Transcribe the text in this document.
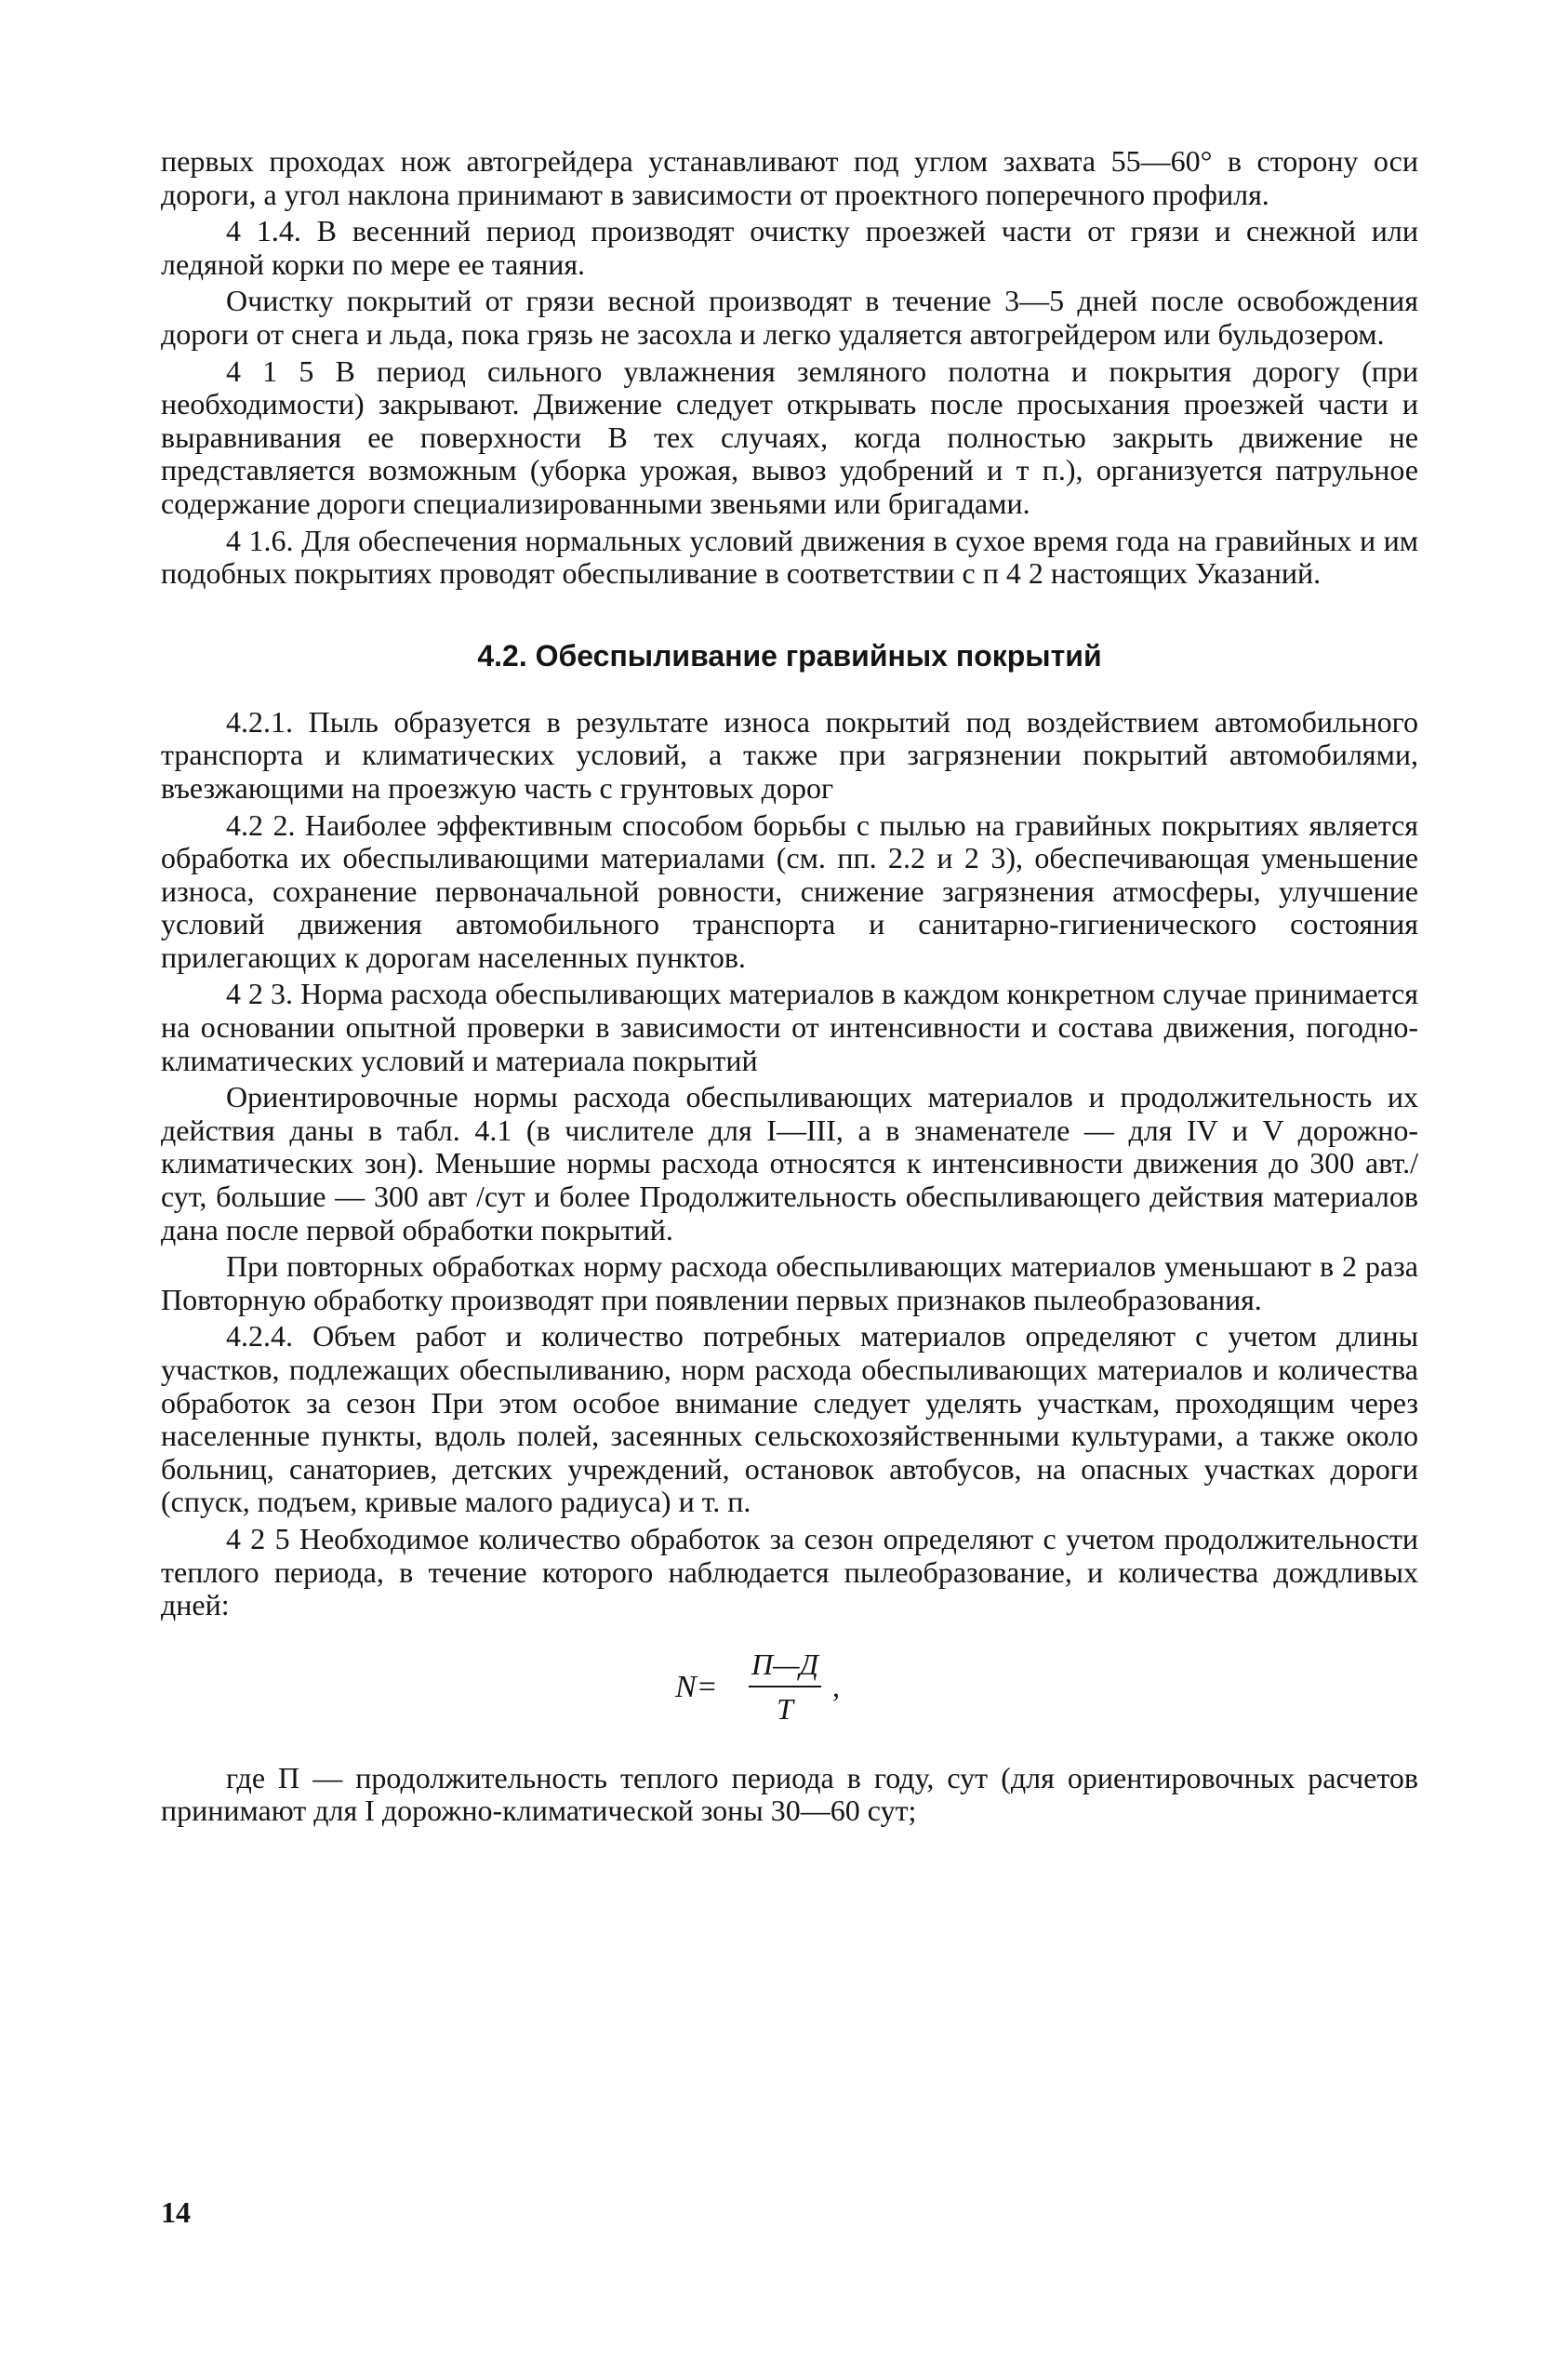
первых проходах нож автогрейдера устанавливают под углом захвата 55—60° в сторону оси дороги, а угол наклона принимают в зависимости от проектного поперечного профиля.

4 1.4. В весенний период производят очистку проезжей части от грязи и снежной или ледяной корки по мере ее таяния.

Очистку покрытий от грязи весной производят в течение 3—5 дней после освобождения дороги от снега и льда, пока грязь не засохла и легко удаляется автогрейдером или бульдозером.

4 1 5 В период сильного увлажнения земляного полотна и покрытия дорогу (при необходимости) закрывают. Движение следует открывать после просыхания проезжей части и выравнивания ее поверхности В тех случаях, когда полностью закрыть движение не представляется возможным (уборка урожая, вывоз удобрений и т п.), организуется патрульное содержание дороги специализированными звеньями или бригадами.

4 1.6. Для обеспечения нормальных условий движения в сухое время года на гравийных и им подобных покрытиях проводят обеспыливание в соответствии с п 4 2 настоящих Указаний.

4.2. Обеспыливание гравийных покрытий

4.2.1. Пыль образуется в результате износа покрытий под воздействием автомобильного транспорта и климатических условий, а также при загрязнении покрытий автомобилями, въезжающими на проезжую часть с грунтовых дорог

4.2 2. Наиболее эффективным способом борьбы с пылью на гравийных покрытиях является обработка их обеспыливающими материалами (см. пп. 2.2 и 2 3), обеспечивающая уменьшение износа, сохранение первоначальной ровности, снижение загрязнения атмосферы, улучшение условий движения автомобильного транспорта и санитарно-гигиенического состояния прилегающих к дорогам населенных пунктов.

4 2 3. Норма расхода обеспыливающих материалов в каждом конкретном случае принимается на основании опытной проверки в зависимости от интенсивности и состава движения, погодно-климатических условий и материала покрытий

Ориентировочные нормы расхода обеспыливающих материалов и продолжительность их действия даны в табл. 4.1 (в числителе для I—III, а в знаменателе — для IV и V дорожно-климатических зон). Меньшие нормы расхода относятся к интенсивности движения до 300 авт./сут, большие — 300 авт /сут и более Продолжительность обеспыливающего действия материалов дана после первой обработки покрытий.

При повторных обработках норму расхода обеспыливающих материалов уменьшают в 2 раза Повторную обработку производят при появлении первых признаков пылеобразования.

4.2.4. Объем работ и количество потребных материалов определяют с учетом длины участков, подлежащих обеспыливанию, норм расхода обеспыливающих материалов и количества обработок за сезон При этом особое внимание следует уделять участкам, проходящим через населенные пункты, вдоль полей, засеянных сельскохозяйственными культурами, а также около больниц, санаториев, детских учреждений, остановок автобусов, на опасных участках дороги (спуск, подъем, кривые малого радиуса) и т. п.

4 2 5 Необходимое количество обработок за сезон определяют с учетом продолжительности теплого периода, в течение которого наблюдается пылеобразование, и количества дождливых дней:

N=
П—Д
T
,

где П — продолжительность теплого периода в году, сут (для ориентировочных расчетов принимают для I дорожно-климатической зоны 30—60 сут;

14
